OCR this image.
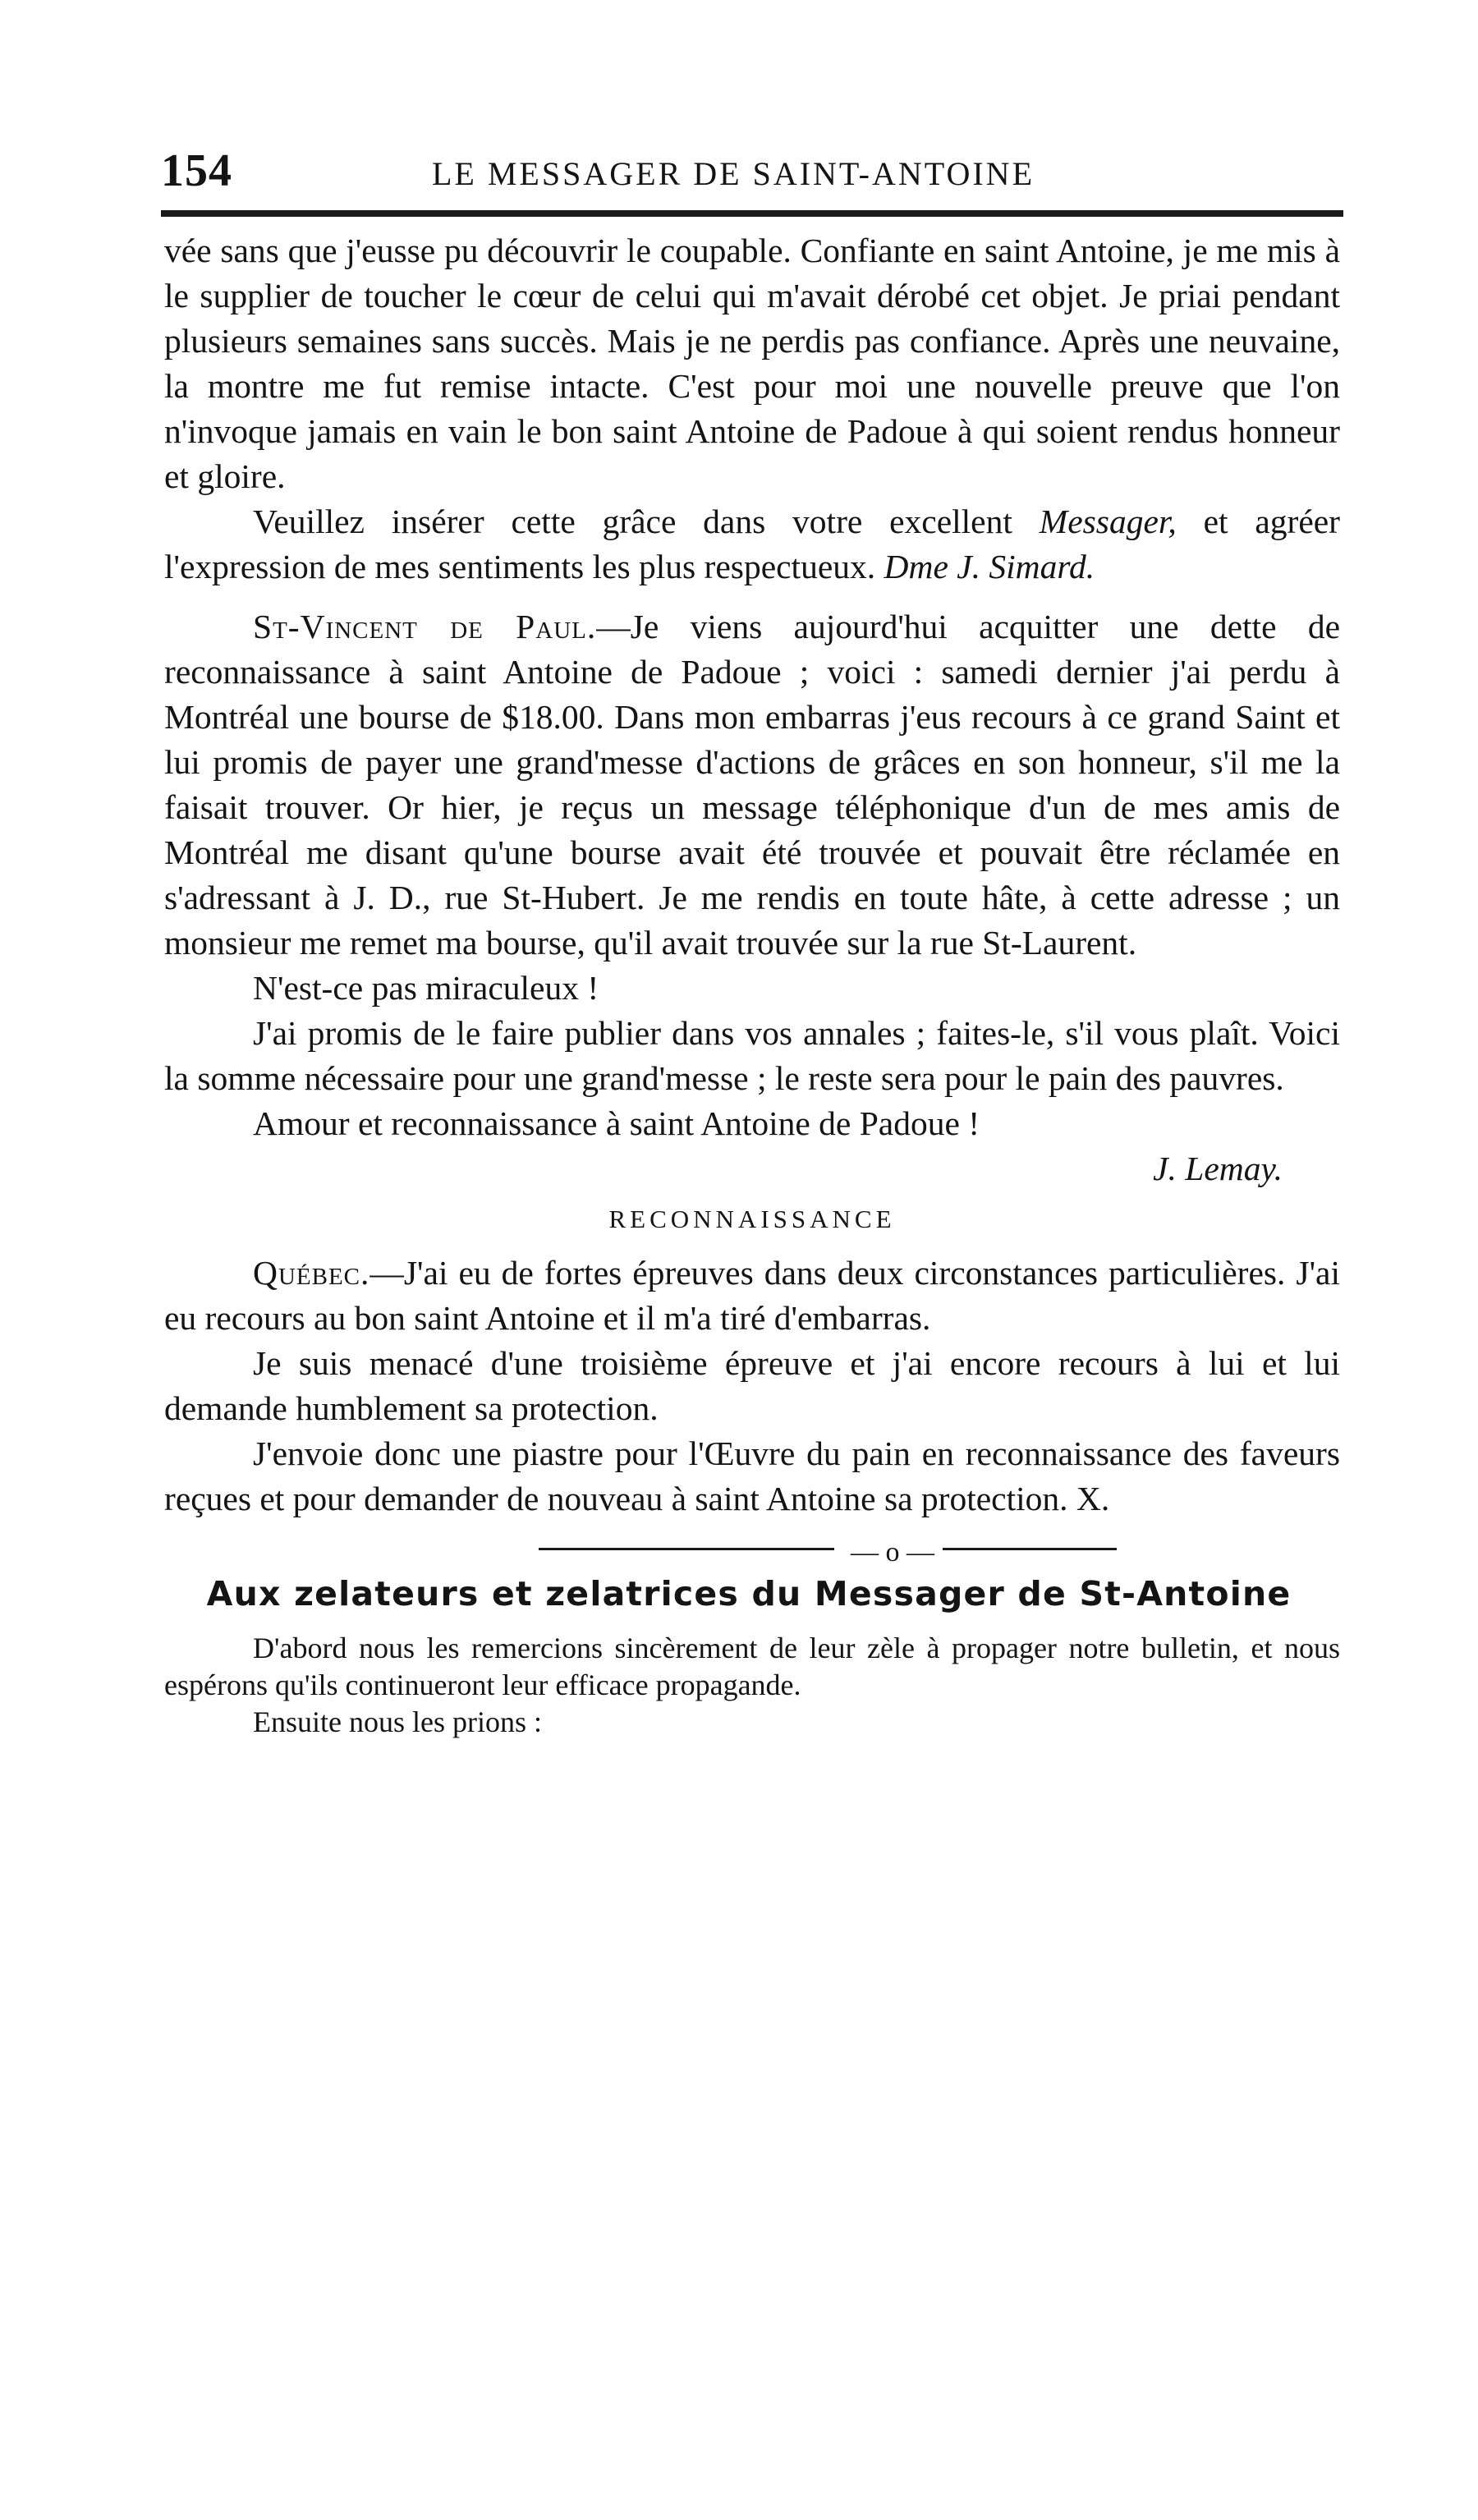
154	LE MESSAGER DE SAINT-ANTOINE

vée sans que j'eusse pu découvrir le coupable. Confiante en saint Antoine, je me mis à le supplier de toucher le cœur de celui qui m'avait dérobé cet objet. Je priai pendant plusieurs semaines sans succès. Mais je ne perdis pas confiance. Après une neuvaine, la montre me fut remise intacte. C'est pour moi une nouvelle preuve que l'on n'invoque jamais en vain le bon saint Antoine de Padoue à qui soient rendus honneur et gloire.

Veuillez insérer cette grâce dans votre excellent Messager, et agréer l'expression de mes sentiments les plus respectueux. Dme J. Simard.

St-Vincent de Paul.—Je viens aujourd'hui acquitter une dette de reconnaissance à saint Antoine de Padoue ; voici : samedi dernier j'ai perdu à Montréal une bourse de $18.00. Dans mon embarras j'eus recours à ce grand Saint et lui promis de payer une grand'messe d'actions de grâces en son honneur, s'il me la faisait trouver. Or hier, je reçus un message téléphonique d'un de mes amis de Montréal me disant qu'une bourse avait été trouvée et pouvait être réclamée en s'adressant à J. D., rue St-Hubert. Je me rendis en toute hâte, à cette adresse ; un monsieur me remet ma bourse, qu'il avait trouvée sur la rue St-Laurent.

N'est-ce pas miraculeux !

J'ai promis de le faire publier dans vos annales ; faites-le, s'il vous plaît. Voici la somme nécessaire pour une grand'messe ; le reste sera pour le pain des pauvres.

Amour et reconnaissance à saint Antoine de Padoue !

J. Lemay.

RECONNAISSANCE

Québec.—J'ai eu de fortes épreuves dans deux circonstances particulières. J'ai eu recours au bon saint Antoine et il m'a tiré d'embarras.

Je suis menacé d'une troisième épreuve et j'ai encore recours à lui et lui demande humblement sa protection.

J'envoie donc une piastre pour l'Œuvre du pain en reconnaissance des faveurs reçues et pour demander de nouveau à saint Antoine sa protection. X.

— o —
Aux zelateurs et zelatrices du Messager de St-Antoine

D'abord nous les remercions sincèrement de leur zèle à propager notre bulletin, et nous espérons qu'ils continueront leur efficace propagande.

Ensuite nous les prions :
